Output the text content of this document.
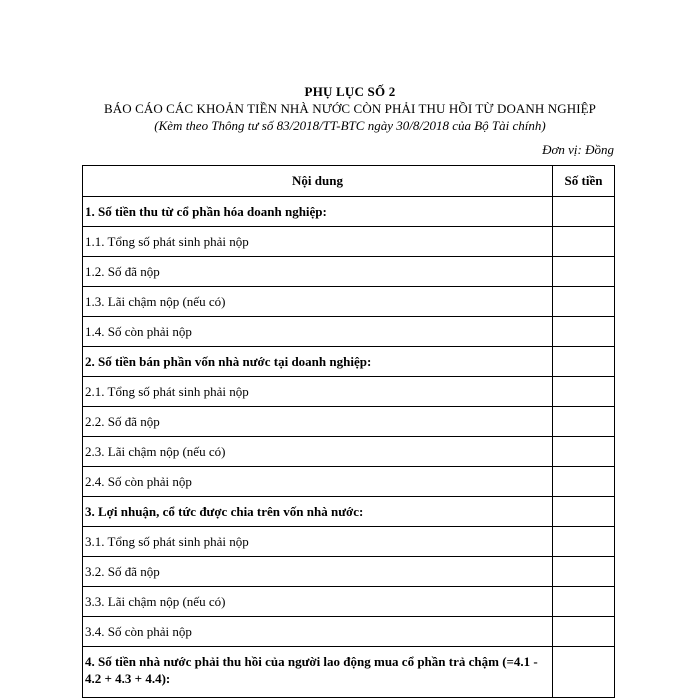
PHỤ LỤC SỐ 2
BÁO CÁO CÁC KHOẢN TIỀN NHÀ NƯỚC CÒN PHẢI THU HỒI TỪ DOANH NGHIỆP
(Kèm theo Thông tư số 83/2018/TT-BTC ngày 30/8/2018 của Bộ Tài chính)
Đơn vị: Đồng
Nội dung	Số tiền
1. Số tiền thu từ cổ phần hóa doanh nghiệp:	
1.1. Tổng số phát sinh phải nộp	
1.2. Số đã nộp	
1.3. Lãi chậm nộp (nếu có)	
1.4. Số còn phải nộp	
2. Số tiền bán phần vốn nhà nước tại doanh nghiệp:	
2.1. Tổng số phát sinh phải nộp	
2.2. Số đã nộp	
2.3. Lãi chậm nộp (nếu có)	
2.4. Số còn phải nộp	
3. Lợi nhuận, cổ tức được chia trên vốn nhà nước:	
3.1. Tổng số phát sinh phải nộp	
3.2. Số đã nộp	
3.3. Lãi chậm nộp (nếu có)	
3.4. Số còn phải nộp	
4. Số tiền nhà nước phải thu hồi của người lao động mua cổ phần trả chậm (=4.1 - 4.2 + 4.3 + 4.4):	
